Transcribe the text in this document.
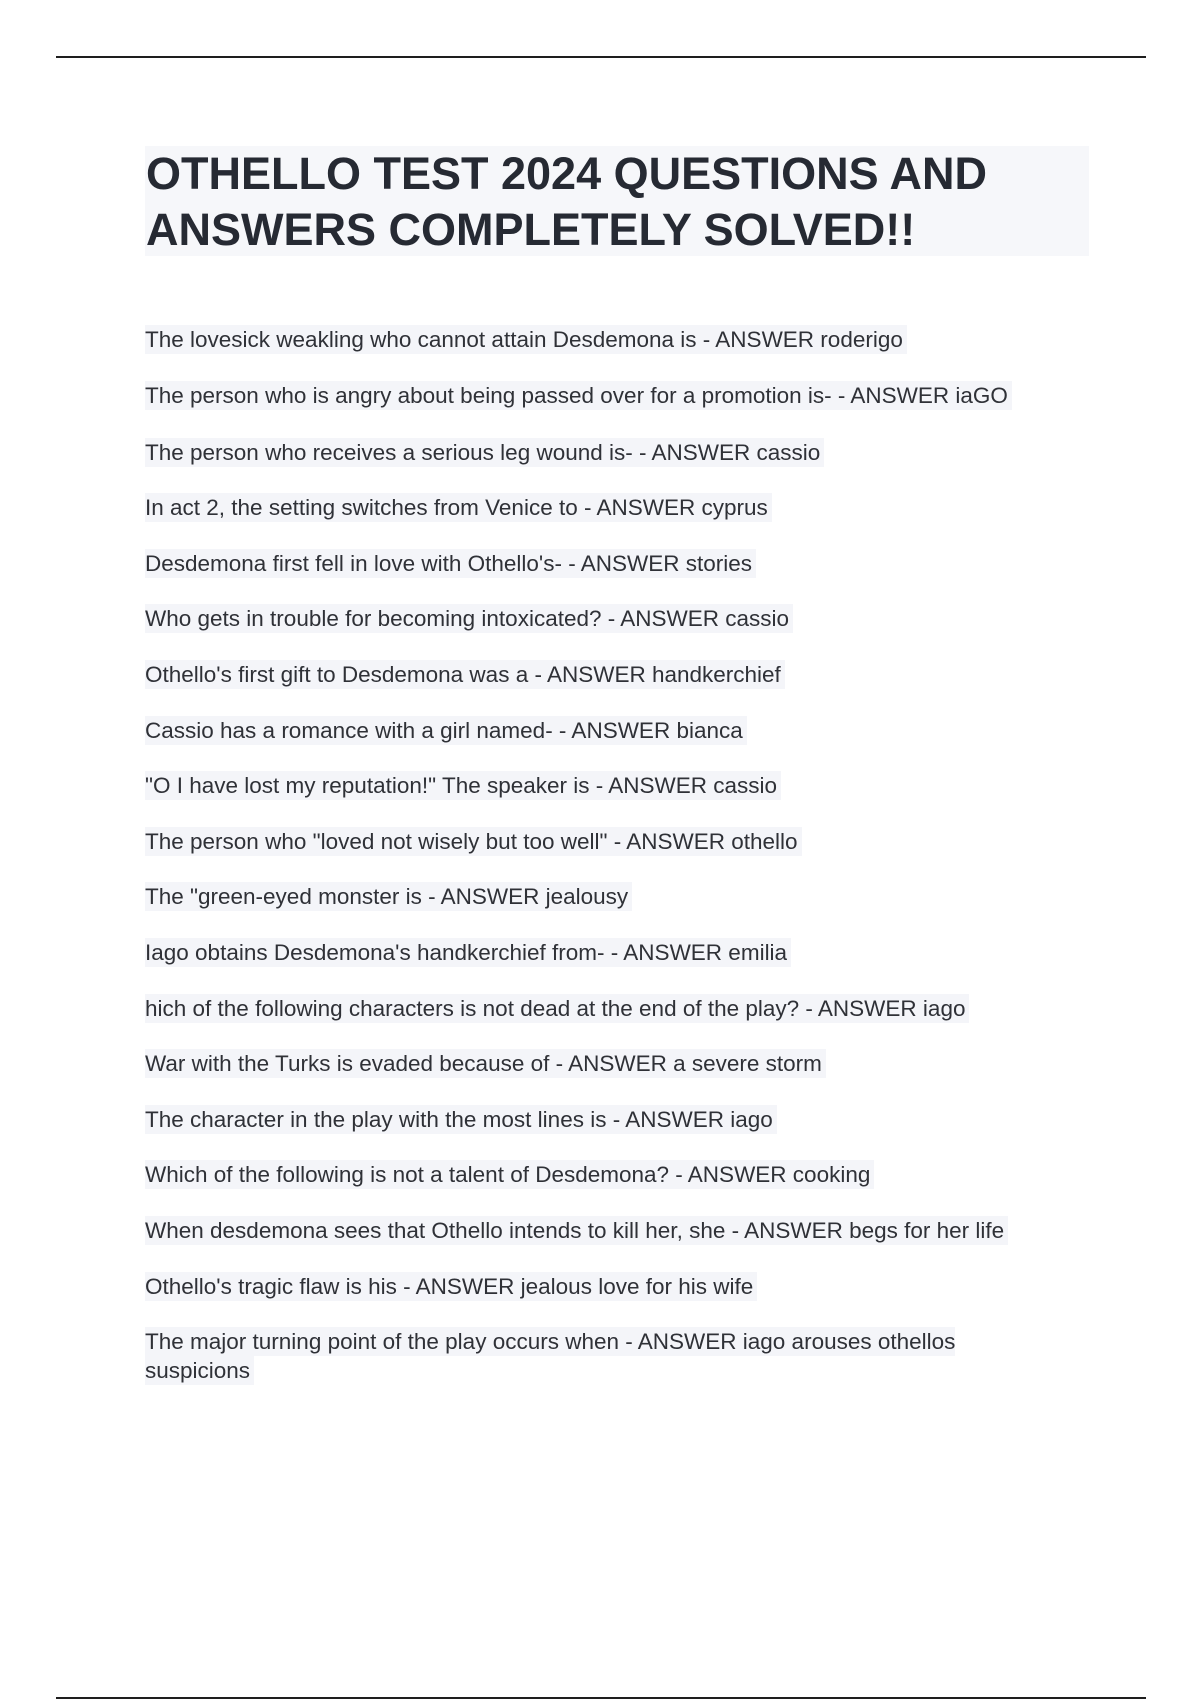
OTHELLO TEST 2024 QUESTIONS AND ANSWERS COMPLETELY SOLVED!!
The lovesick weakling who cannot attain Desdemona is - ANSWER roderigo
The person who is angry about being passed over for a promotion is- - ANSWER iaGO
The person who receives a serious leg wound is- - ANSWER cassio
In act 2, the setting switches from Venice to - ANSWER cyprus
Desdemona first fell in love with Othello's- - ANSWER stories
Who gets in trouble for becoming intoxicated? - ANSWER cassio
Othello's first gift to Desdemona was a - ANSWER handkerchief
Cassio has a romance with a girl named- - ANSWER bianca
"O I have lost my reputation!" The speaker is - ANSWER cassio
The person who "loved not wisely but too well" - ANSWER othello
The "green-eyed monster is - ANSWER jealousy
Iago obtains Desdemona's handkerchief from- - ANSWER emilia
hich of the following characters is not dead at the end of the play? - ANSWER iago
War with the Turks is evaded because of - ANSWER a severe storm
The character in the play with the most lines is - ANSWER iago
Which of the following is not a talent of Desdemona? - ANSWER cooking
When desdemona sees that Othello intends to kill her, she - ANSWER begs for her life
Othello's tragic flaw is his - ANSWER jealous love for his wife
The major turning point of the play occurs when - ANSWER iago arouses othellos suspicions
